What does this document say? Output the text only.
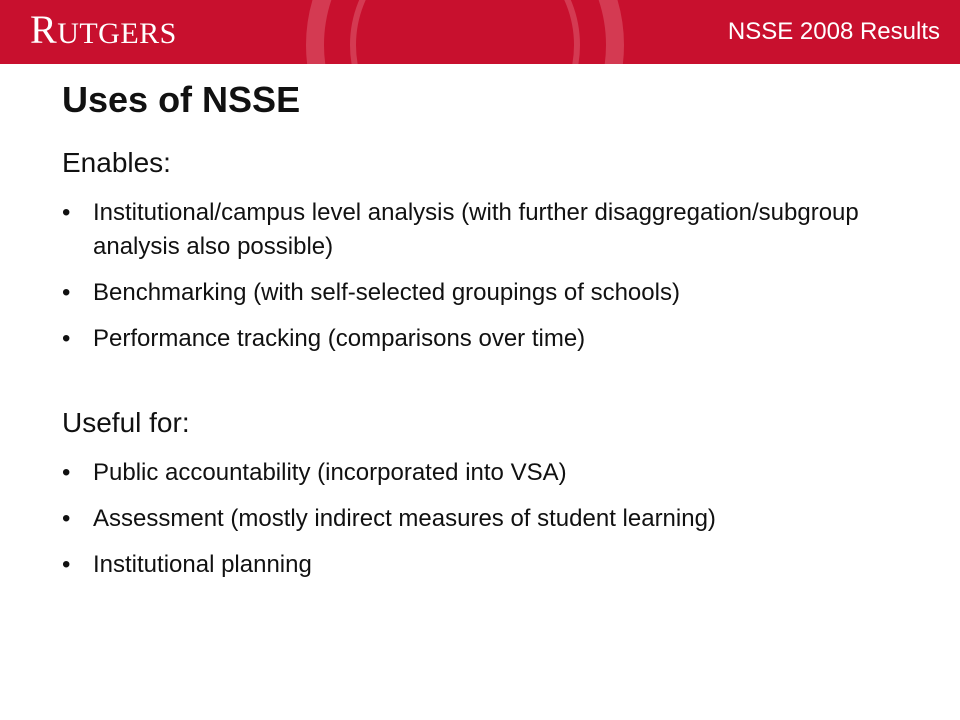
RUTGERS	NSSE 2008 Results
Uses of NSSE
Enables:
• Institutional/campus level analysis (with further disaggregation/subgroup analysis also possible)
• Benchmarking (with self-selected groupings of schools)
• Performance tracking (comparisons over time)
Useful for:
• Public accountability (incorporated into VSA)
• Assessment (mostly indirect measures of student learning)
• Institutional planning
